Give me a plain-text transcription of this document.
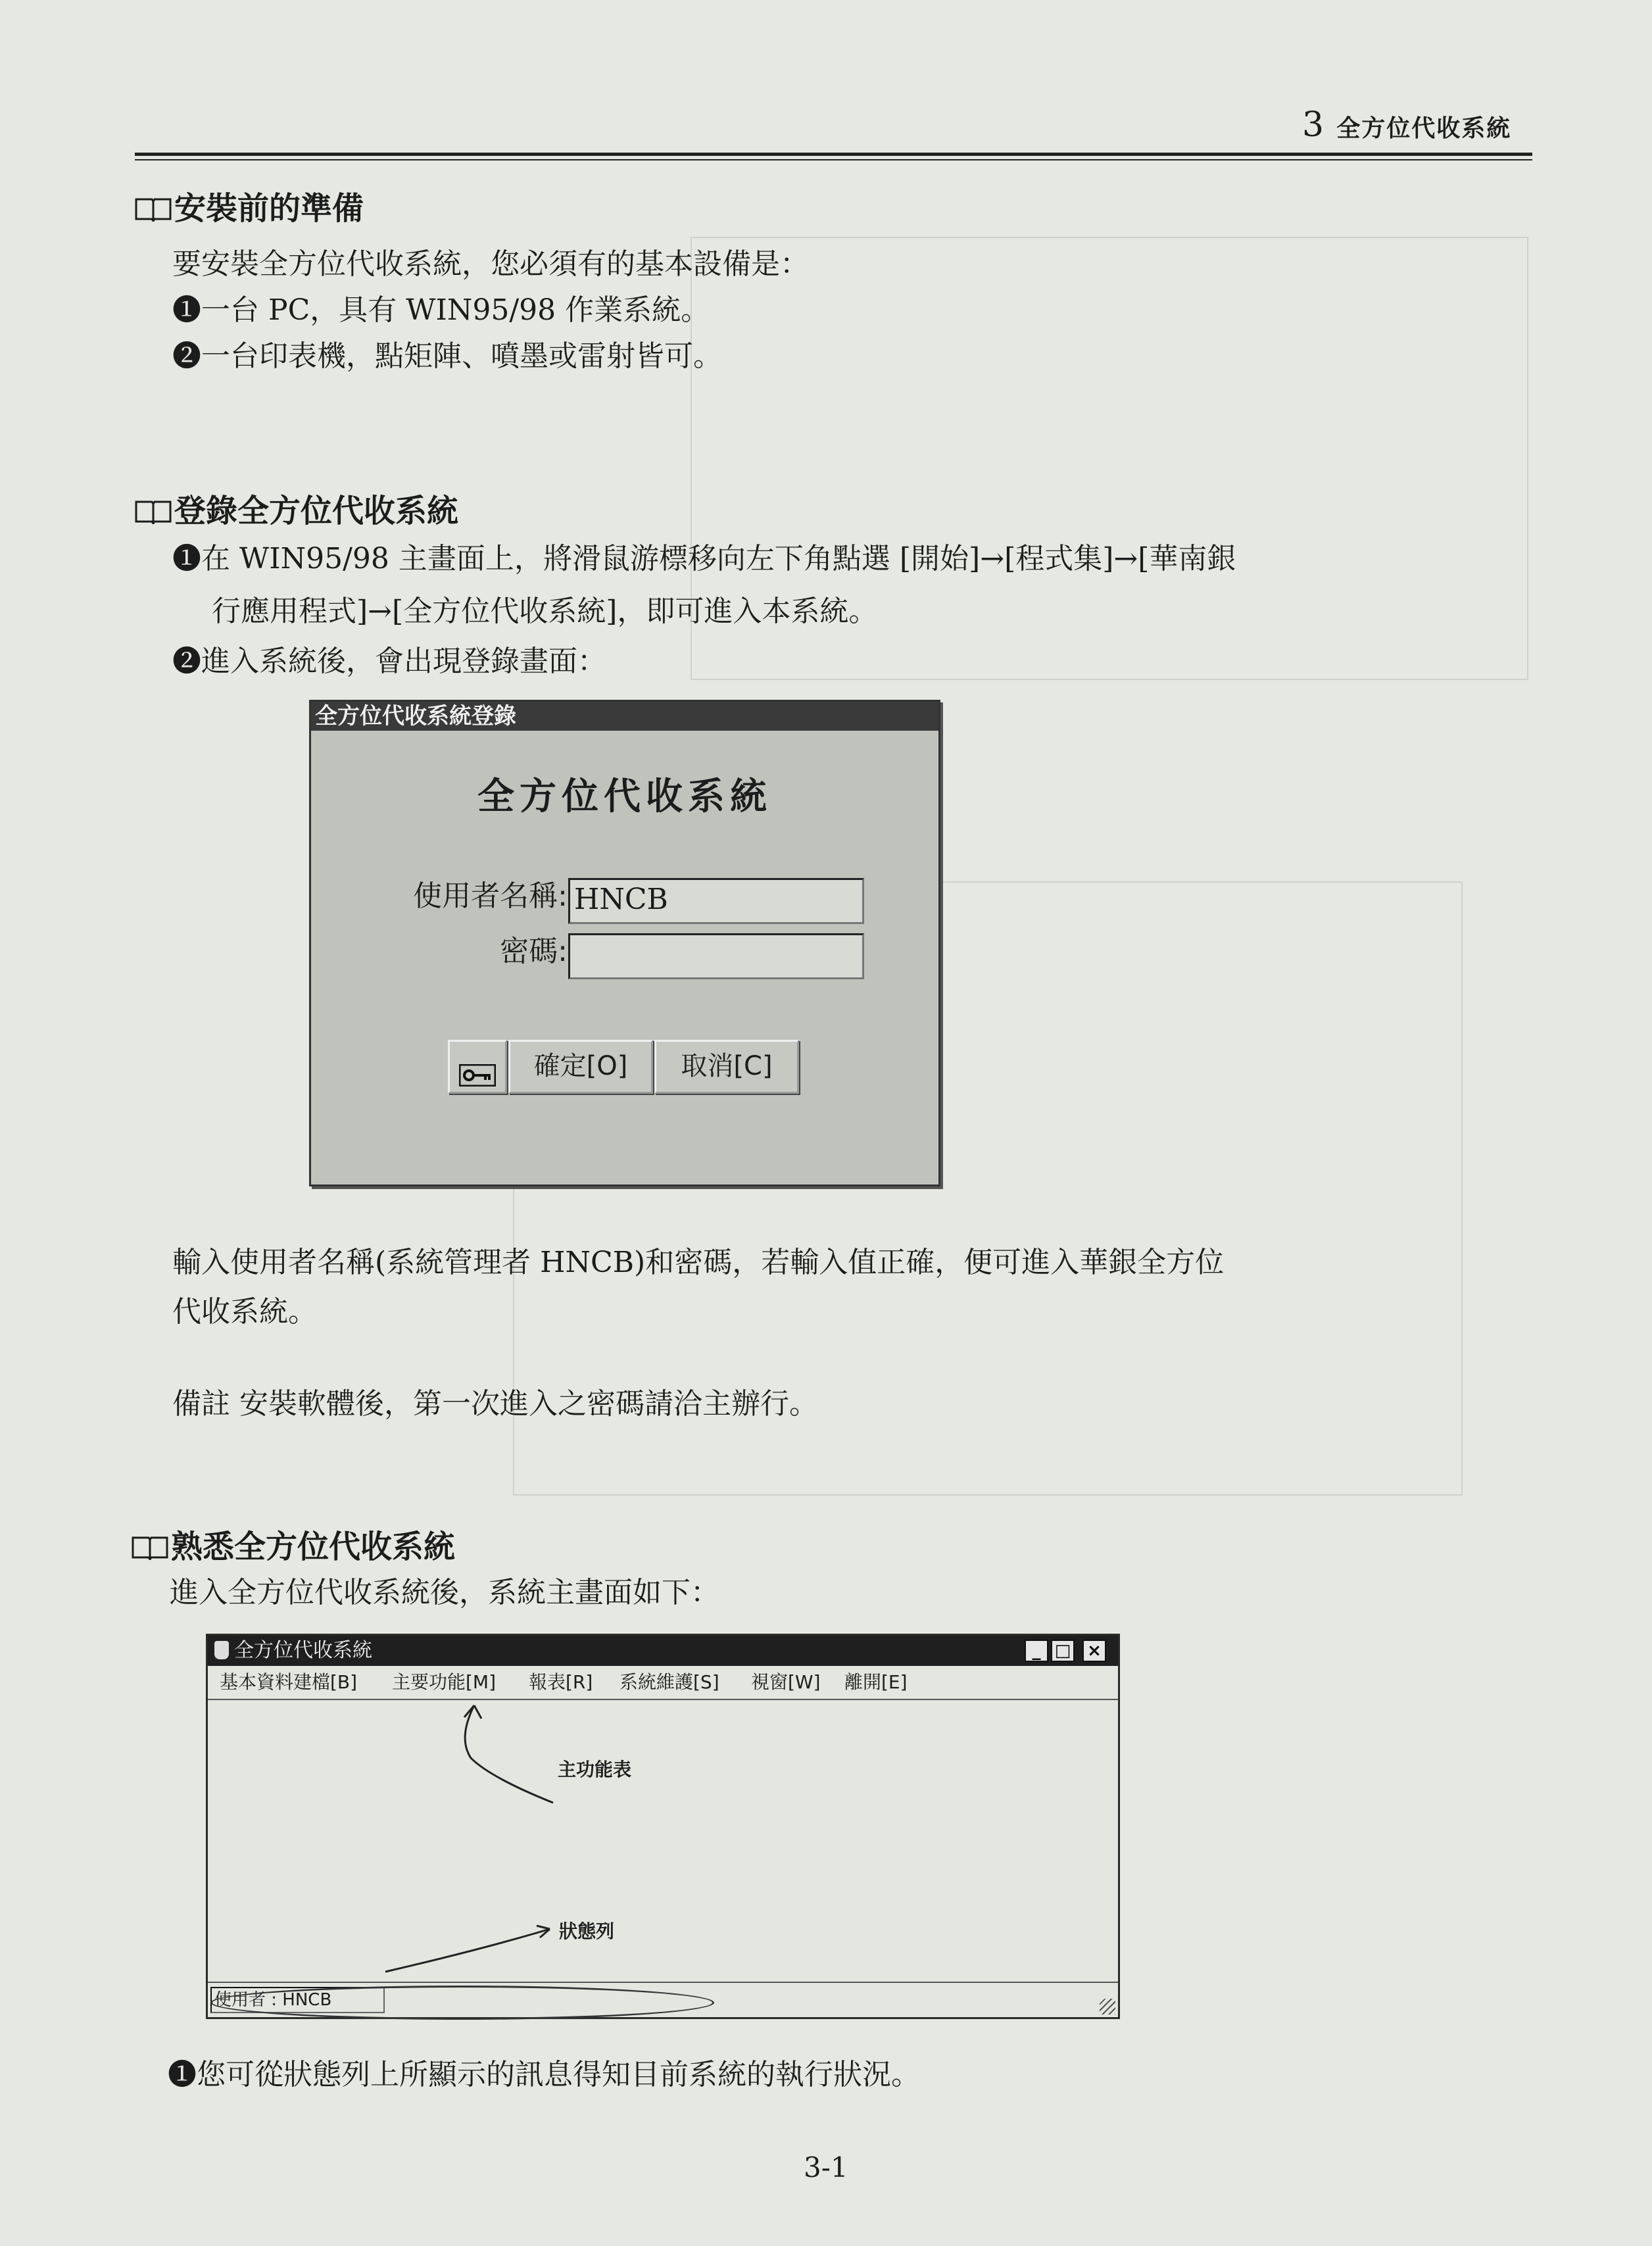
3 全方位代收系統
安裝前的準備
要安裝全方位代收系統，您必須有的基本設備是：
❶一台 PC，具有 WIN95/98 作業系統。
❷一台印表機，點矩陣、噴墨或雷射皆可。
登錄全方位代收系統
❶在 WIN95/98 主畫面上，將滑鼠游標移向左下角點選 [開始]→[程式集]→[華南銀
行應用程式]→[全方位代收系統]，即可進入本系統。
❷進入系統後，會出現登錄畫面：
全方位代收系統登錄
全方位代收系統
使用者名稱: HNCB
密碼:
確定[O]	取消[C]
輸入使用者名稱(系統管理者 HNCB)和密碼，若輸入值正確，便可進入華銀全方位
代收系統。
備註 安裝軟體後，第一次進入之密碼請洽主辦行。
熟悉全方位代收系統
進入全方位代收系統後，系統主畫面如下：
全方位代收系統	_ □ ×
基本資料建檔[B] 主要功能[M] 報表[R] 系統維護[S] 視窗[W] 離開[E]
主功能表
狀態列
使用者 : HNCB
❶您可從狀態列上所顯示的訊息得知目前系統的執行狀況。
3-1
